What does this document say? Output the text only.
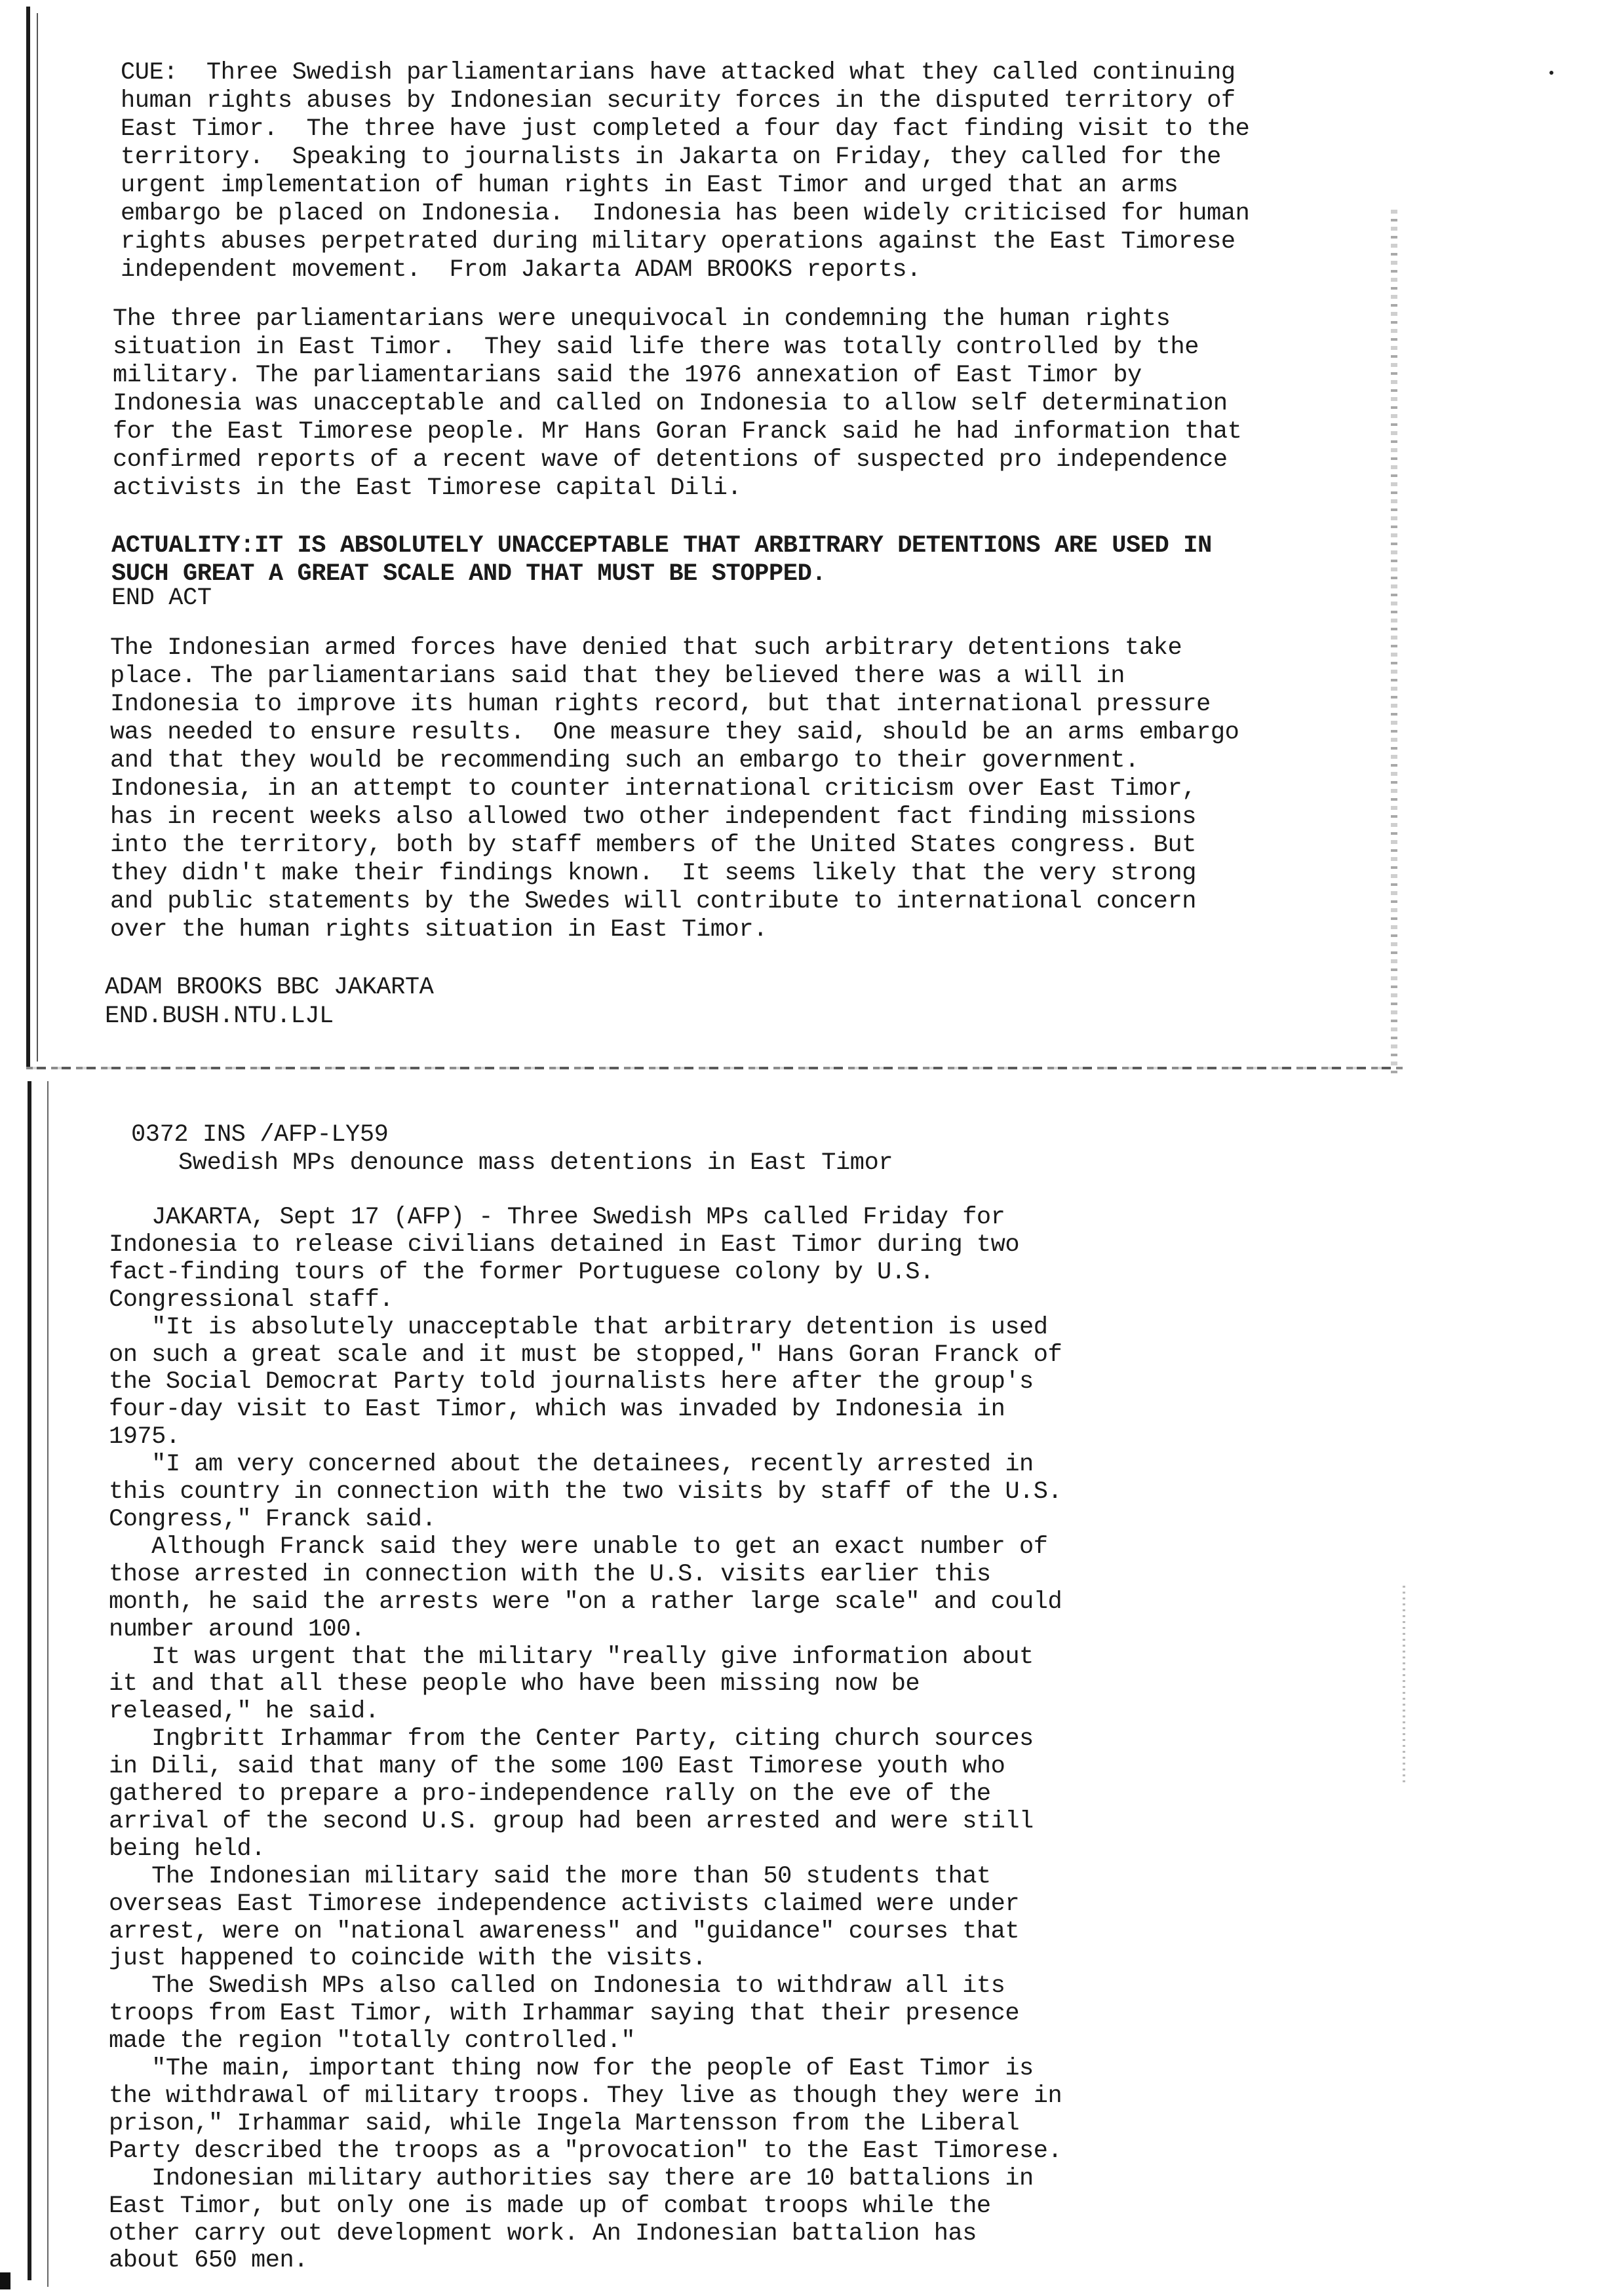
CUE:  Three Swedish parliamentarians have attacked what they called continuing
human rights abuses by Indonesian security forces in the disputed territory of
East Timor.  The three have just completed a four day fact finding visit to the
territory.  Speaking to journalists in Jakarta on Friday, they called for the
urgent implementation of human rights in East Timor and urged that an arms
embargo be placed on Indonesia.  Indonesia has been widely criticised for human
rights abuses perpetrated during military operations against the East Timorese
independent movement.  From Jakarta ADAM BROOKS reports.
The three parliamentarians were unequivocal in condemning the human rights
situation in East Timor.  They said life there was totally controlled by the
military. The parliamentarians said the 1976 annexation of East Timor by
Indonesia was unacceptable and called on Indonesia to allow self determination
for the East Timorese people. Mr Hans Goran Franck said he had information that
confirmed reports of a recent wave of detentions of suspected pro independence
activists in the East Timorese capital Dili.
ACTUALITY:IT IS ABSOLUTELY UNACCEPTABLE THAT ARBITRARY DETENTIONS ARE USED IN
SUCH GREAT A GREAT SCALE AND THAT MUST BE STOPPED.
END ACT
The Indonesian armed forces have denied that such arbitrary detentions take
place. The parliamentarians said that they believed there was a will in
Indonesia to improve its human rights record, but that international pressure
was needed to ensure results.  One measure they said, should be an arms embargo
and that they would be recommending such an embargo to their government.
Indonesia, in an attempt to counter international criticism over East Timor,
has in recent weeks also allowed two other independent fact finding missions
into the territory, both by staff members of the United States congress. But
they didn't make their findings known.  It seems likely that the very strong
and public statements by the Swedes will contribute to international concern
over the human rights situation in East Timor.
ADAM BROOKS BBC JAKARTA
END.BUSH.NTU.LJL
0372 INS /AFP-LY59
Swedish MPs denounce mass detentions in East Timor
JAKARTA, Sept 17 (AFP) - Three Swedish MPs called Friday for
Indonesia to release civilians detained in East Timor during two
fact-finding tours of the former Portuguese colony by U.S.
Congressional staff.
"It is absolutely unacceptable that arbitrary detention is used
on such a great scale and it must be stopped," Hans Goran Franck of
the Social Democrat Party told journalists here after the group's
four-day visit to East Timor, which was invaded by Indonesia in
1975.
"I am very concerned about the detainees, recently arrested in
this country in connection with the two visits by staff of the U.S.
Congress," Franck said.
Although Franck said they were unable to get an exact number of
those arrested in connection with the U.S. visits earlier this
month, he said the arrests were "on a rather large scale" and could
number around 100.
It was urgent that the military "really give information about
it and that all these people who have been missing now be
released," he said.
Ingbritt Irhammar from the Center Party, citing church sources
in Dili, said that many of the some 100 East Timorese youth who
gathered to prepare a pro-independence rally on the eve of the
arrival of the second U.S. group had been arrested and were still
being held.
The Indonesian military said the more than 50 students that
overseas East Timorese independence activists claimed were under
arrest, were on "national awareness" and "guidance" courses that
just happened to coincide with the visits.
The Swedish MPs also called on Indonesia to withdraw all its
troops from East Timor, with Irhammar saying that their presence
made the region "totally controlled."
"The main, important thing now for the people of East Timor is
the withdrawal of military troops. They live as though they were in
prison," Irhammar said, while Ingela Martensson from the Liberal
Party described the troops as a "provocation" to the East Timorese.
Indonesian military authorities say there are 10 battalions in
East Timor, but only one is made up of combat troops while the
other carry out development work. An Indonesian battalion has
about 650 men.
